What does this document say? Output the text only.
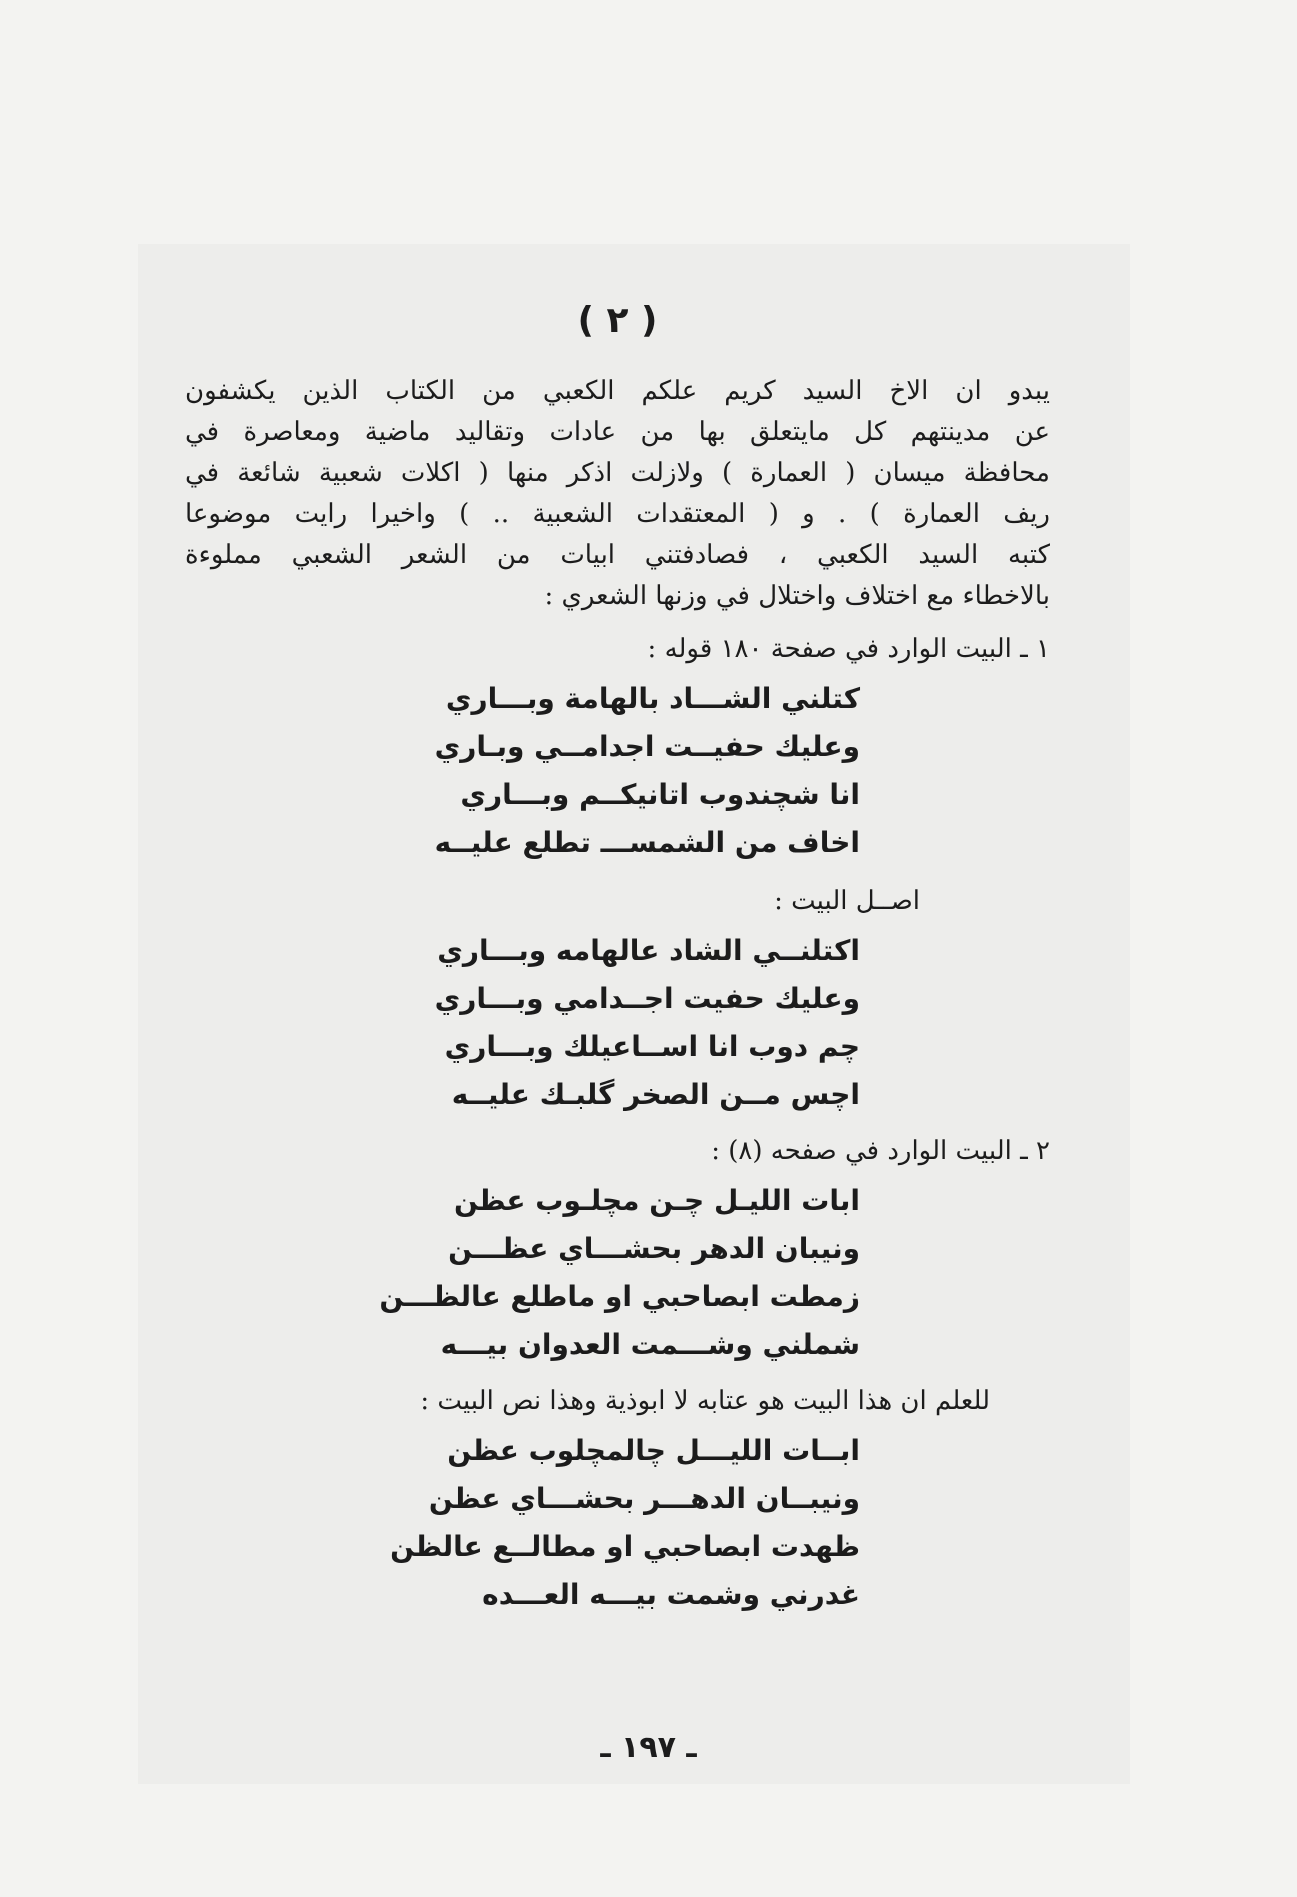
( ٢ )
يبدو ان الاخ السيد كريم علكم الكعبي من الكتاب الذين يكشفون
عن مدينتهم كل مايتعلق بها من عادات وتقاليد ماضية ومعاصرة في
محافظة ميسان ( العمارة ) ولازلت اذكر منها ( اكلات شعبية شائعة في
ريف العمارة ) . و ( المعتقدات الشعبية .. ) واخيرا رايت موضوعا
كتبه السيد الكعبي ، فصادفتني ابيات من الشعر الشعبي مملوءة
بالاخطاء مع اختلاف واختلال في وزنها الشعري :
١ ـ البيت الوارد في صفحة ١٨٠ قوله :
كتلني الشـــاد بالهامة وبـــاري
وعليك حفيــت اجدامــي وبـاري
انا شچندوب اتانيكــم وبـــاري
اخاف من الشمســـ تطلع عليــه
اصــل البيت :
اكتلنــي الشاد عالهامه وبـــاري
وعليك حفيت اجــدامي وبـــاري
چم دوب انا اســاعيلك وبـــاري
اچس مــن الصخر گلبـك عليــه
٢ ـ البيت الوارد في صفحه (٨) :
ابات الليـل چـن مچلـوب عظن
ونيبان الدهر بحشـــاي عظـــن
زمطت ابصاحبي او ماطلع عالظـــن
شملني وشـــمت العدوان بيـــه
للعلم ان هذا البيت هو عتابه لا ابوذية وهذا نص البيت :
ابــات الليـــل چالمچلوب عظن
ونيبــان الدهـــر بحشـــاي عظن
ظهدت ابصاحبي او مطالــع عالظن
غدرني وشمت بيـــه العـــده
ـ ١٩٧ ـ
